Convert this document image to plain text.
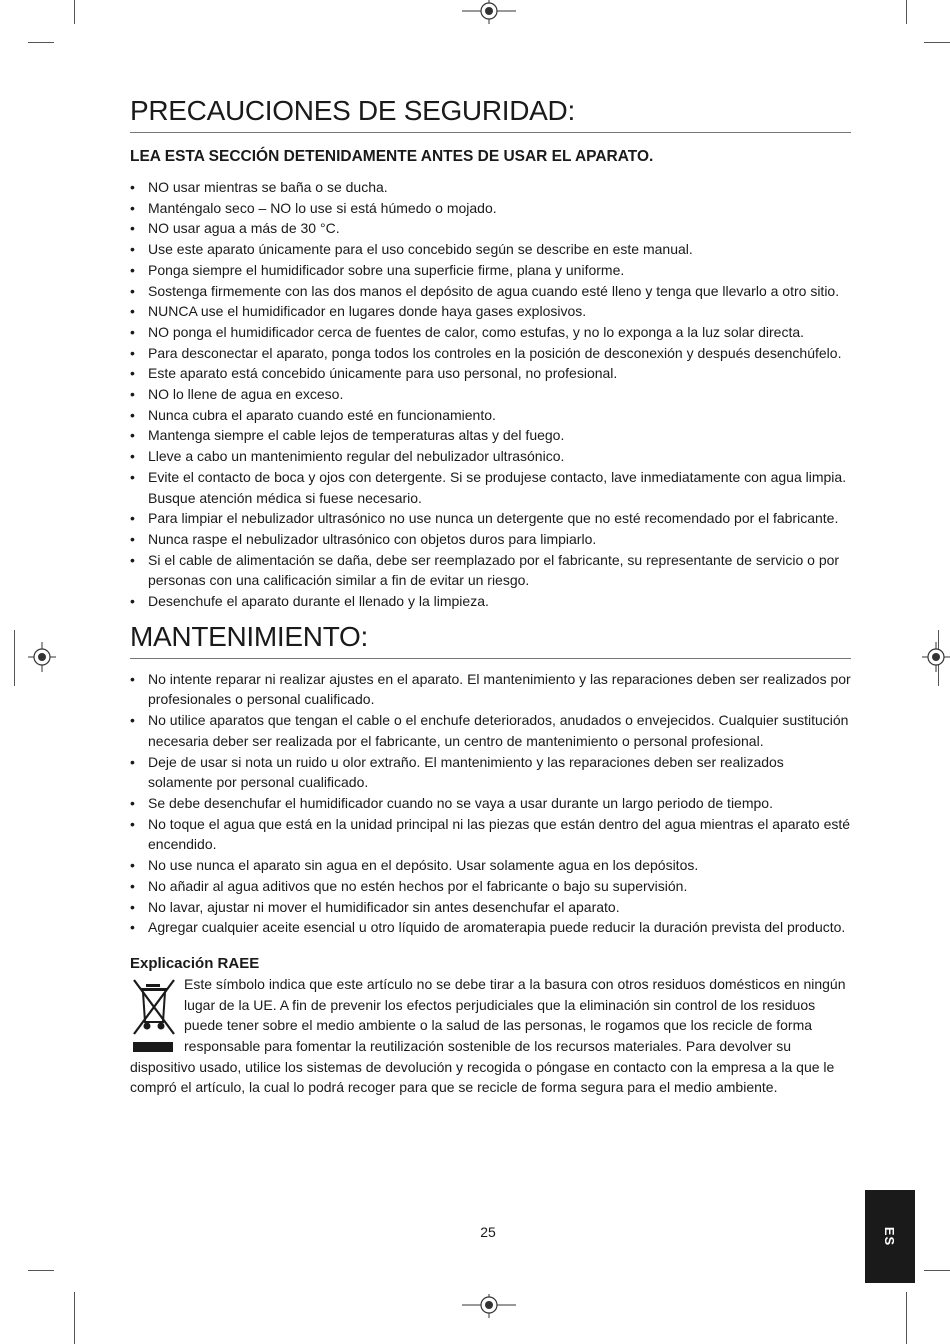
PRECAUCIONES DE SEGURIDAD:
LEA ESTA SECCIÓN DETENIDAMENTE ANTES DE USAR EL APARATO.
• NO usar mientras se baña o se ducha.
• Manténgalo seco – NO lo use si está húmedo o mojado.
• NO usar agua a más de 30 °C.
• Use este aparato únicamente para el uso concebido según se describe en este manual.
• Ponga siempre el humidificador sobre una superficie firme, plana y uniforme.
• Sostenga firmemente con las dos manos el depósito de agua cuando esté lleno y tenga que llevarlo a otro sitio.
• NUNCA use el humidificador en lugares donde haya gases explosivos.
• NO ponga el humidificador cerca de fuentes de calor, como estufas, y no lo exponga a la luz solar directa.
• Para desconectar el aparato, ponga todos los controles en la posición de desconexión y después desenchúfelo.
• Este aparato está concebido únicamente para uso personal, no profesional.
• NO lo llene de agua en exceso.
• Nunca cubra el aparato cuando esté en funcionamiento.
• Mantenga siempre el cable lejos de temperaturas altas y del fuego.
• Lleve a cabo un mantenimiento regular del nebulizador ultrasónico.
• Evite el contacto de boca y ojos con detergente. Si se produjese contacto, lave inmediatamente con agua limpia. Busque atención médica si fuese necesario.
• Para limpiar el nebulizador ultrasónico no use nunca un detergente que no esté recomendado por el fabricante.
• Nunca raspe el nebulizador ultrasónico con objetos duros para limpiarlo.
• Si el cable de alimentación se daña, debe ser reemplazado por el fabricante, su representante de servicio o por personas con una calificación similar a fin de evitar un riesgo.
• Desenchufe el aparato durante el llenado y la limpieza.
MANTENIMIENTO:
• No intente reparar ni realizar ajustes en el aparato. El mantenimiento y las reparaciones deben ser realizados por profesionales o personal cualificado.
• No utilice aparatos que tengan el cable o el enchufe deteriorados, anudados o envejecidos. Cualquier sustitución necesaria deber ser realizada por el fabricante, un centro de mantenimiento o personal profesional.
• Deje de usar si nota un ruido u olor extraño. El mantenimiento y las reparaciones deben ser realizados solamente por personal cualificado.
• Se debe desenchufar el humidificador cuando no se vaya a usar durante un largo periodo de tiempo.
• No toque el agua que está en la unidad principal ni las piezas que están dentro del agua mientras el aparato esté encendido.
• No use nunca el aparato sin agua en el depósito. Usar solamente agua en los depósitos.
• No añadir al agua aditivos que no estén hechos por el fabricante o bajo su supervisión.
• No lavar, ajustar ni mover el humidificador sin antes desenchufar el aparato.
• Agregar cualquier aceite esencial u otro líquido de aromaterapia puede reducir la duración prevista del producto.
Explicación RAEE

Este símbolo indica que este artículo no se debe tirar a la basura con otros residuos domésticos en ningún lugar de la UE. A fin de prevenir los efectos perjudiciales que la eliminación sin control de los residuos puede tener sobre el medio ambiente o la salud de las personas, le rogamos que los recicle de forma responsable para fomentar la reutilización sostenible de los recursos materiales. Para devolver su dispositivo usado, utilice los sistemas de devolución y recogida o póngase en contacto con la empresa a la que le compró el artículo, la cual lo podrá recoger para que se recicle de forma segura para el medio ambiente.

25	ES
